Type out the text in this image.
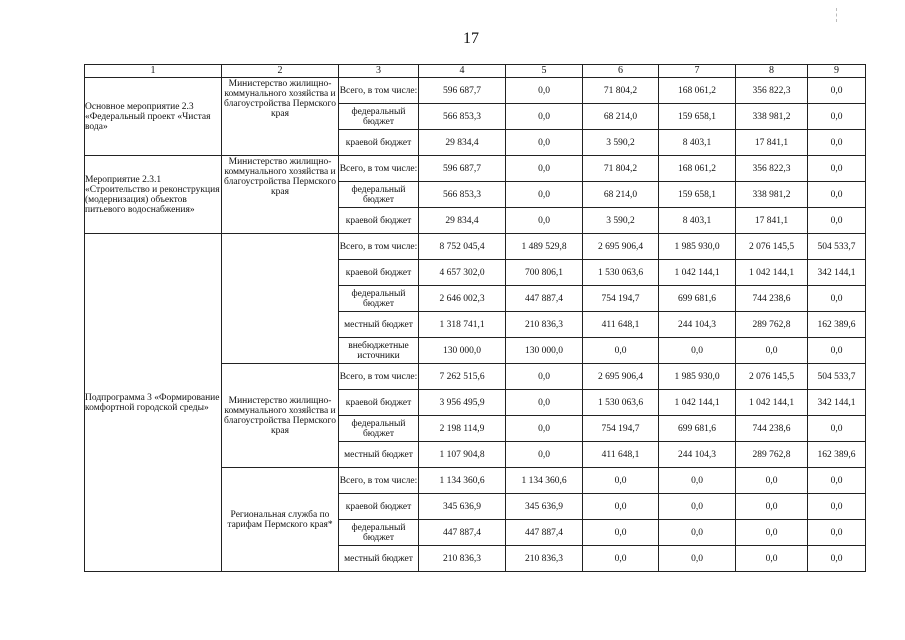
17
1	2	3	4	5	6	7	8	9
Основное мероприятие 2.3 «Федеральный проект «Чистая вода»	Министерство жилищно-коммунального хозяйства и благоустройства Пермского края	Всего, в том числе:	596 687,7	0,0	71 804,2	168 061,2	356 822,3	0,0
		федеральный бюджет	566 853,3	0,0	68 214,0	159 658,1	338 981,2	0,0
		краевой бюджет	29 834,4	0,0	3 590,2	8 403,1	17 841,1	0,0
Мероприятие 2.3.1 «Строительство и реконструкция (модернизация) объектов питьевого водоснабжения»	Министерство жилищно-коммунального хозяйства и благоустройства Пермского края	Всего, в том числе:	596 687,7	0,0	71 804,2	168 061,2	356 822,3	0,0
		федеральный бюджет	566 853,3	0,0	68 214,0	159 658,1	338 981,2	0,0
		краевой бюджет	29 834,4	0,0	3 590,2	8 403,1	17 841,1	0,0
Подпрограмма 3 «Формирование комфортной городской среды»		Всего, в том числе:	8 752 045,4	1 489 529,8	2 695 906,4	1 985 930,0	2 076 145,5	504 533,7
		краевой бюджет	4 657 302,0	700 806,1	1 530 063,6	1 042 144,1	1 042 144,1	342 144,1
		федеральный бюджет	2 646 002,3	447 887,4	754 194,7	699 681,6	744 238,6	0,0
		местный бюджет	1 318 741,1	210 836,3	411 648,1	244 104,3	289 762,8	162 389,6
		внебюджетные источники	130 000,0	130 000,0	0,0	0,0	0,0	0,0
	Министерство жилищно-коммунального хозяйства и благоустройства Пермского края	Всего, в том числе:	7 262 515,6	0,0	2 695 906,4	1 985 930,0	2 076 145,5	504 533,7
		краевой бюджет	3 956 495,9	0,0	1 530 063,6	1 042 144,1	1 042 144,1	342 144,1
		федеральный бюджет	2 198 114,9	0,0	754 194,7	699 681,6	744 238,6	0,0
		местный бюджет	1 107 904,8	0,0	411 648,1	244 104,3	289 762,8	162 389,6
	Региональная служба по тарифам Пермского края*	Всего, в том числе:	1 134 360,6	1 134 360,6	0,0	0,0	0,0	0,0
		краевой бюджет	345 636,9	345 636,9	0,0	0,0	0,0	0,0
		федеральный бюджет	447 887,4	447 887,4	0,0	0,0	0,0	0,0
		местный бюджет	210 836,3	210 836,3	0,0	0,0	0,0	0,0
